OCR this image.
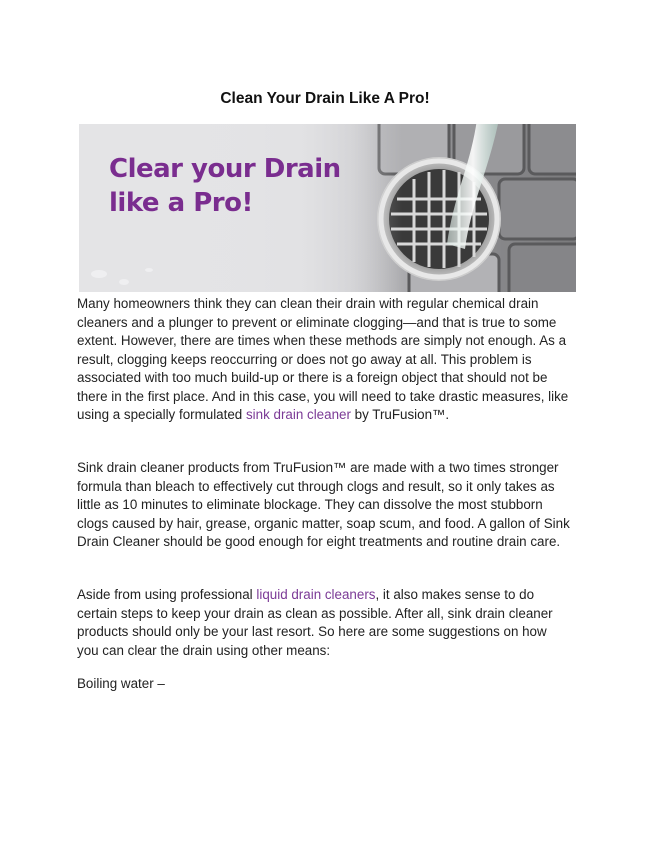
Clean Your Drain Like A Pro!
Clear your Drain
like a Pro!

Many homeowners think they can clean their drain with regular chemical drain cleaners and a plunger to prevent or eliminate clogging—and that is true to some extent. However, there are times when these methods are simply not enough. As a result, clogging keeps reoccurring or does not go away at all. This problem is associated with too much build-up or there is a foreign object that should not be there in the first place. And in this case, you will need to take drastic measures, like using a specially formulated sink drain cleaner by TruFusion™.

Sink drain cleaner products from TruFusion™ are made with a two times stronger formula than bleach to effectively cut through clogs and result, so it only takes as little as 10 minutes to eliminate blockage. They can dissolve the most stubborn clogs caused by hair, grease, organic matter, soap scum, and food. A gallon of Sink Drain Cleaner should be good enough for eight treatments and routine drain care.

Aside from using professional liquid drain cleaners, it also makes sense to do certain steps to keep your drain as clean as possible. After all, sink drain cleaner products should only be your last resort. So here are some suggestions on how you can clear the drain using other means:

Boiling water –
